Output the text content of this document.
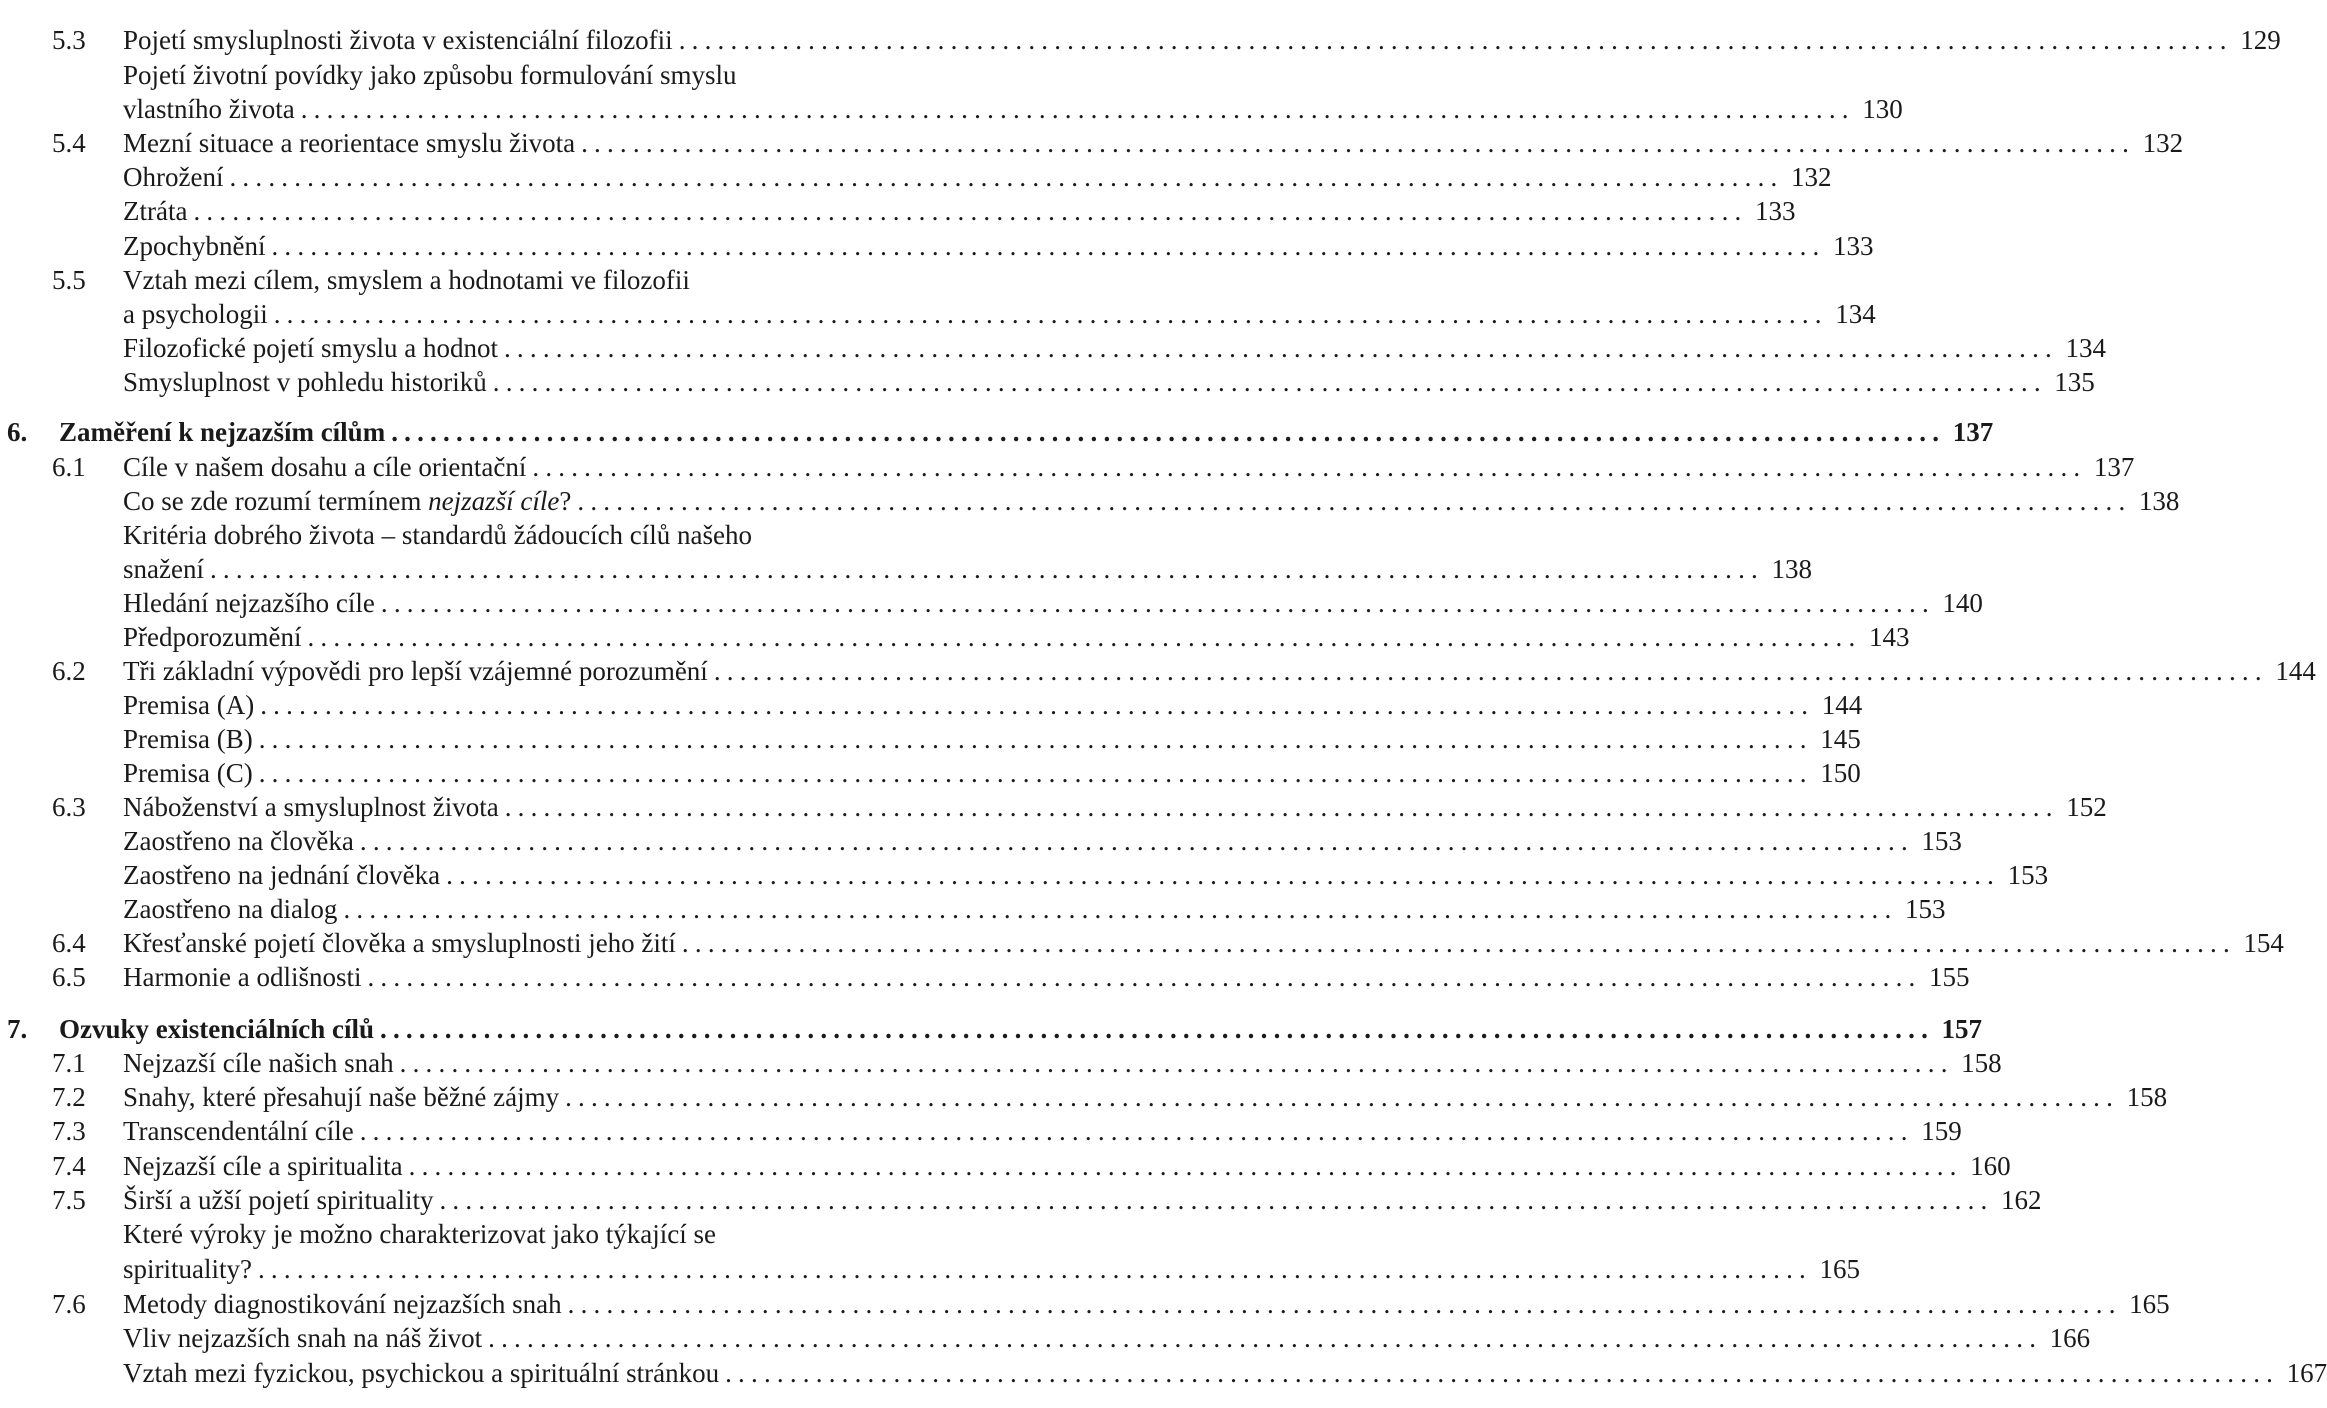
5.3 Pojetí smysluplnosti života v existenciální filozofii ........................................................................................................................ 129
Pojetí životní povídky jako způsobu formulování smyslu
vlastního života ........................................................................................................................ 130
5.4 Mezní situace a reorientace smyslu života ........................................................................................................................ 132
Ohrožení ........................................................................................................................ 132
Ztráta ........................................................................................................................ 133
Zpochybnění ........................................................................................................................ 133
5.5 Vztah mezi cílem, smyslem a hodnotami ve filozofii
a psychologii ........................................................................................................................ 134
Filozofické pojetí smyslu a hodnot ........................................................................................................................ 134
Smysluplnost v pohledu historiků ........................................................................................................................ 135
6. Zaměření k nejzazším cílům ........................................................................................................................ 137
6.1 Cíle v našem dosahu a cíle orientační ........................................................................................................................ 137
Co se zde rozumí termínem nejzazší cíle? ........................................................................................................................ 138
Kritéria dobrého života – standardů žádoucích cílů našeho
snažení ........................................................................................................................ 138
Hledání nejzazšího cíle ........................................................................................................................ 140
Předporozumění ........................................................................................................................ 143
6.2 Tři základní výpovědi pro lepší vzájemné porozumění ........................................................................................................................ 144
Premisa (A) ........................................................................................................................ 144
Premisa (B) ........................................................................................................................ 145
Premisa (C) ........................................................................................................................ 150
6.3 Náboženství a smysluplnost života ........................................................................................................................ 152
Zaostřeno na člověka ........................................................................................................................ 153
Zaostřeno na jednání člověka ........................................................................................................................ 153
Zaostřeno na dialog ........................................................................................................................ 153
6.4 Křesťanské pojetí člověka a smysluplnosti jeho žití ........................................................................................................................ 154
6.5 Harmonie a odlišnosti ........................................................................................................................ 155
7. Ozvuky existenciálních cílů ........................................................................................................................ 157
7.1 Nejzazší cíle našich snah ........................................................................................................................ 158
7.2 Snahy, které přesahují naše běžné zájmy ........................................................................................................................ 158
7.3 Transcendentální cíle ........................................................................................................................ 159
7.4 Nejzazší cíle a spiritualita ........................................................................................................................ 160
7.5 Širší a užší pojetí spirituality ........................................................................................................................ 162
Které výroky je možno charakterizovat jako týkající se
spirituality? ........................................................................................................................ 165
7.6 Metody diagnostikování nejzazších snah ........................................................................................................................ 165
Vliv nejzazších snah na náš život ........................................................................................................................ 166
Vztah mezi fyzickou, psychickou a spirituální stránkou ........................................................................................................................ 167
